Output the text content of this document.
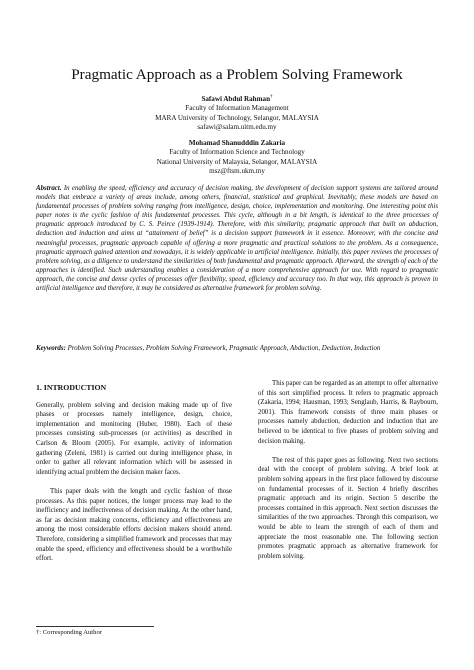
Pragmatic Approach as a Problem Solving Framework
Safawi Abdul Rahman†
Faculty of Information Management
MARA University of Technology, Selangor, MALAYSIA
safawi@salam.uitm.edu.my
Mohamad Shanudddin Zakaria
Faculty of Information Science and Technology
National University of Malaysia, Selangor, MALAYSIA
msz@ftsm.ukm.my
Abstract. In enabling the speed, efficiency and accuracy of decision making, the development of decision support systems are tailored around models that embrace a variety of areas include, among others, financial, statistical and graphical. Inevitably, these models are based on fundamental processes of problem solving ranging from intelligence, design, choice, implementation and monitoring. One interesting point this paper notes is the cyclic fashion of this fundamental processes. This cycle, although in a bit length, is identical to the three processes of pragmatic approach introduced by C. S. Peirce (1939-1914). Therefore, with this similarity, pragmatic approach that built on abduction, deduction and induction and aims at “attainment of belief” is a decision support framework in it essence. Moreover, with the concise and meaningful processes, pragmatic approach capable of offering a more pragmatic and practical solutions to the problem. As a consequence, pragmatic approach gained attention and nowadays, it is widely applicable in artificial intelligence. Initially, this paper reviews the processes of problem solving, as a diligence to understand the similarities of both fundamental and pragmatic approach. Afterward, the strength of each of the approaches is identified. Such understanding enables a consideration of a more comprehensive approach for use. With regard to pragmatic approach, the concise and dense cycles of processes offer flexibility, speed, efficiency and accuracy too. In that way, this approach is proven in artificial intelligence and therefore, it may be considered as alternative framework for problem solving.
Keywords: Problem Solving Processes, Problem Solving Framework, Pragmatic Approach, Abduction, Deduction, Induction
1. INTRODUCTION

Generally, problem solving and decision making made up of five phases or processes namely intelligence, design, choice, implementation and monitoring (Huber, 1980). Each of these processes consisting sub-processes (or activities) as described in Carlson & Bloom (2005). For example, activity of information gathering (Zeleni, 1981) is carried out during intelligence phase, in order to gather all relevant information which will be assessed in identifying actual problem the decision maker faces.

This paper deals with the length and cyclic fashion of those processes. As this paper notices, the longer process may lead to the inefficiency and ineffectiveness of decision making. At the other hand, as far as decision making concerns, efficiency and effectiveness are among the most considerable efforts decision makers should attend. Therefore, considering a simplified framework and processes that may enable the speed, efficiency and effectiveness should be a worthwhile effort.

This paper can be regarded as an attempt to offer alternative of this sort simplified process. It refers to pragmatic approach (Zakaria, 1994; Hausman, 1993; Senglaub, Harris, & Raybourn, 2001). This framework consists of three main phases or processes namely abduction, deduction and induction that are believed to be identical to five phases of problem solving and decision making.

The rest of this paper goes as following. Next two sections deal with the concept of problem solving. A brief look at problem solving appears in the first place followed by discourse on fundamental processes of it. Section 4 briefly describes pragmatic approach and its origin. Section 5 describe the processes contained in this approach. Next section discusses the similarities of the two approaches. Through this comparison, we would be able to learn the strength of each of them and appreciate the most reasonable one. The following section promotes pragmatic approach as alternative framework for problem solving.

†: Corresponding Author
